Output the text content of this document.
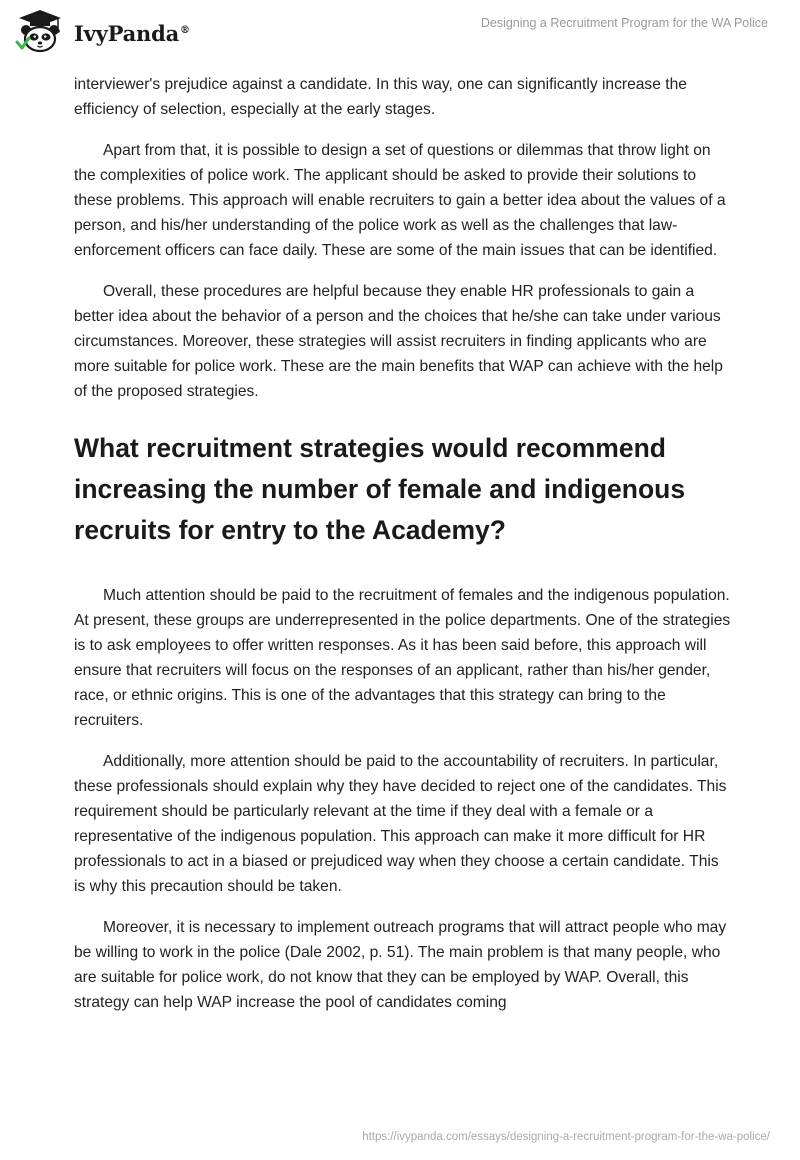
IvyPanda®	Designing a Recruitment Program for the WA Police

interviewer's prejudice against a candidate. In this way, one can significantly increase the efficiency of selection, especially at the early stages.

Apart from that, it is possible to design a set of questions or dilemmas that throw light on the complexities of police work. The applicant should be asked to provide their solutions to these problems. This approach will enable recruiters to gain a better idea about the values of a person, and his/her understanding of the police work as well as the challenges that law-enforcement officers can face daily. These are some of the main issues that can be identified.

Overall, these procedures are helpful because they enable HR professionals to gain a better idea about the behavior of a person and the choices that he/she can take under various circumstances. Moreover, these strategies will assist recruiters in finding applicants who are more suitable for police work. These are the main benefits that WAP can achieve with the help of the proposed strategies.

What recruitment strategies would recommend increasing the number of female and indigenous recruits for entry to the Academy?

Much attention should be paid to the recruitment of females and the indigenous population. At present, these groups are underrepresented in the police departments. One of the strategies is to ask employees to offer written responses. As it has been said before, this approach will ensure that recruiters will focus on the responses of an applicant, rather than his/her gender, race, or ethnic origins. This is one of the advantages that this strategy can bring to the recruiters.

Additionally, more attention should be paid to the accountability of recruiters. In particular, these professionals should explain why they have decided to reject one of the candidates. This requirement should be particularly relevant at the time if they deal with a female or a representative of the indigenous population. This approach can make it more difficult for HR professionals to act in a biased or prejudiced way when they choose a certain candidate. This is why this precaution should be taken.

Moreover, it is necessary to implement outreach programs that will attract people who may be willing to work in the police (Dale 2002, p. 51). The main problem is that many people, who are suitable for police work, do not know that they can be employed by WAP. Overall, this strategy can help WAP increase the pool of candidates coming

https://ivypanda.com/essays/designing-a-recruitment-program-for-the-wa-police/
